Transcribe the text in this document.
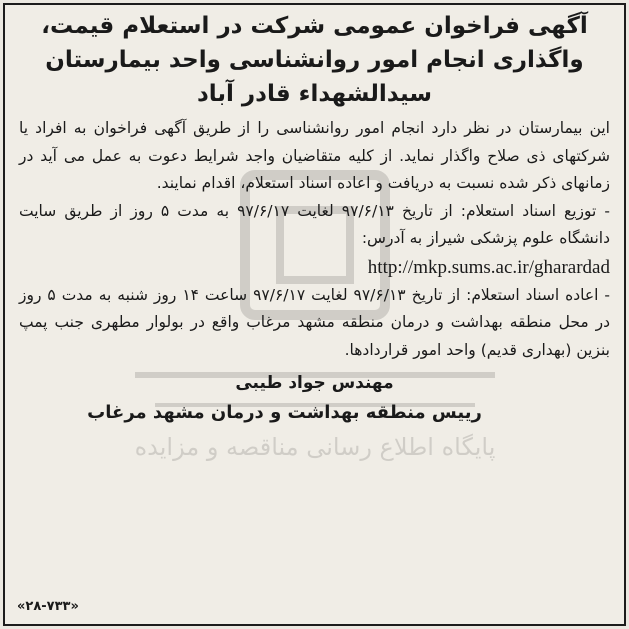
پایگاه اطلاع رسانی مناقصه و مزایده

آگهی فراخوان عمومی شرکت در استعلام قیمت،

واگذاری انجام امور روانشناسی واحد بیمارستان

سیدالشهداء قادر آباد

این بیمارستان در نظر دارد انجام امور روانشناسی را از طریق آگهی فراخوان به افراد یا شرکتهای ذی صلاح واگذار نماید. از کلیه متقاضیان واجد شرایط دعوت به عمل می آید در زمانهای ذکر شده نسبت به دریافت و اعاده اسناد استعلام، اقدام نمایند.

- توزیع اسناد استعلام: از تاریخ ۹۷/۶/۱۳ لغایت ۹۷/۶/۱۷ به مدت ۵ روز از طریق سایت دانشگاه علوم پزشکی شیراز به آدرس:

http://mkp.sums.ac.ir/gharardad

- اعاده اسناد استعلام: از تاریخ ۹۷/۶/۱۳ لغایت ۹۷/۶/۱۷ ساعت ۱۴ روز شنبه به مدت ۵ روز در محل منطقه بهداشت و درمان منطقه مشهد مرغاب واقع در بولوار مطهری جنب پمپ بنزین (بهداری قدیم) واحد امور قراردادها.

مهندس جواد طیبی

رییس منطقه بهداشت و درمان مشهد مرغاب

«۲۸-۷۳۳»
